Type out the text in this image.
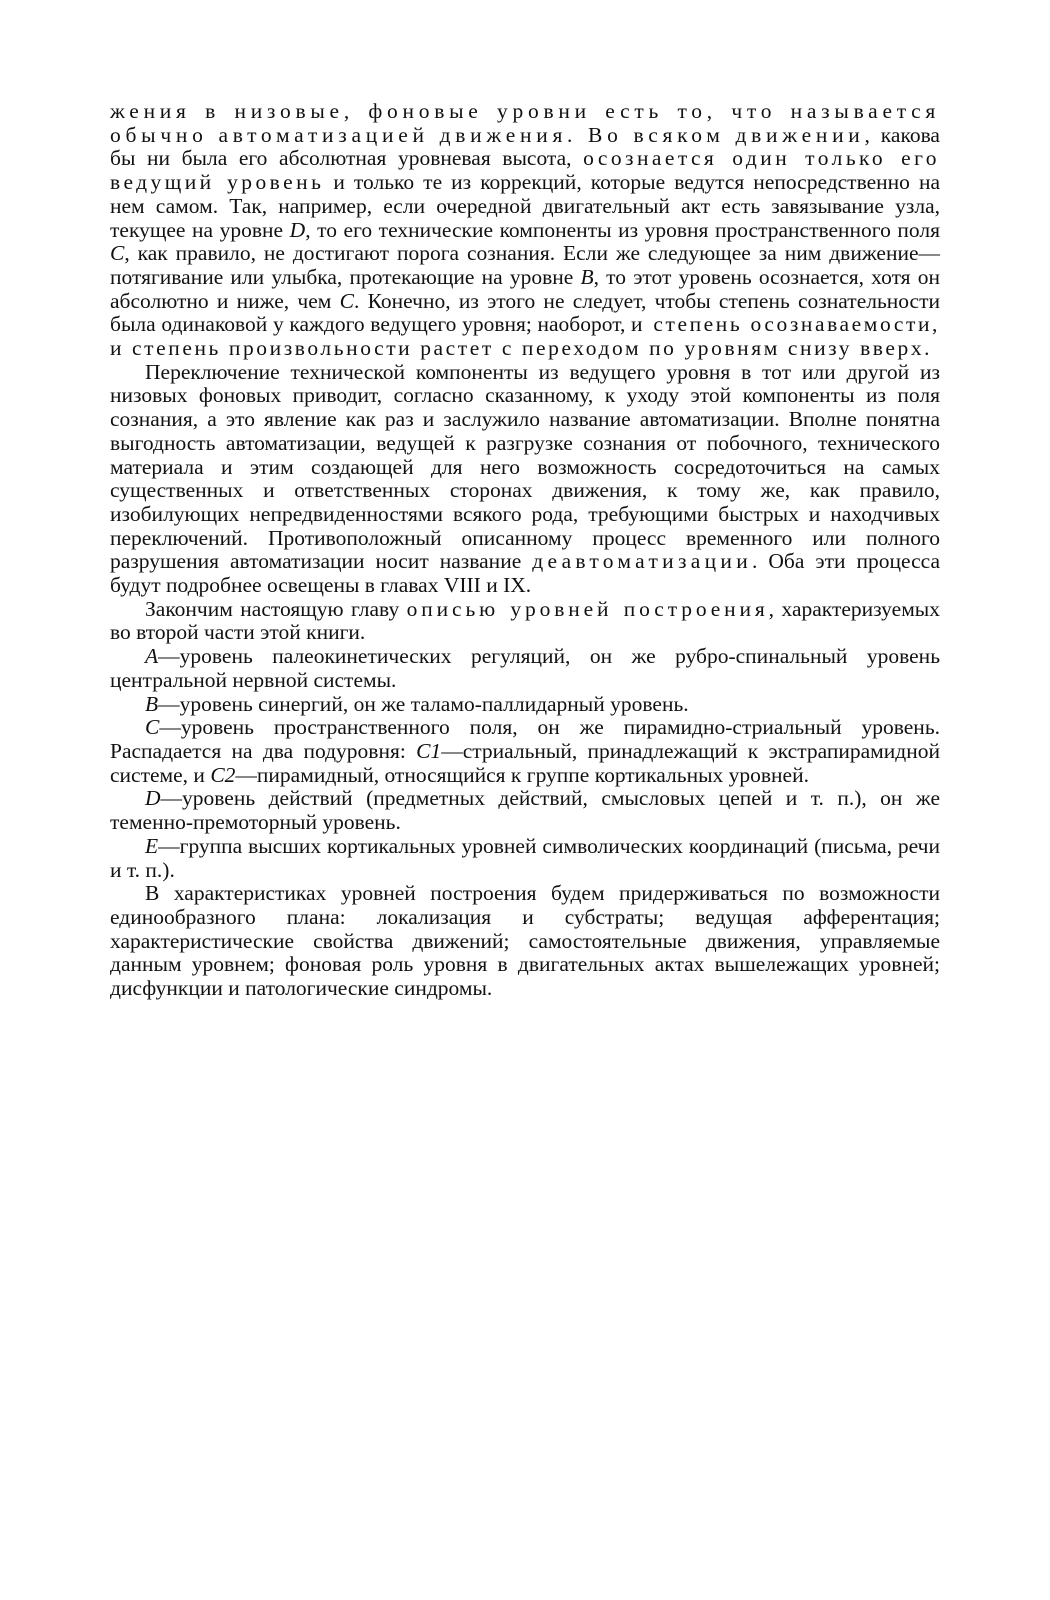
жения в низовые, фоновые уровни есть то, что называется обычно автоматизацией движения. Во всяком движении, какова бы ни была его абсолютная уровневая высота, осознается один только его ведущий уровень и только те из коррекций, которые ведутся непосредственно на нем самом. Так, например, если очередной двигательный акт есть завязывание узла, текущее на уровне D, то его технические компоненты из уровня пространственного поля C, как правило, не достигают порога сознания. Если же следующее за ним движение—потягивание или улыбка, протекающие на уровне B, то этот уровень осознается, хотя он абсолютно и ниже, чем C. Конечно, из этого не следует, чтобы степень сознательности была одинаковой у каждого ведущего уровня; наоборот, и степень осознаваемости, и степень произвольности растет с переходом по уровням снизу вверх.

Переключение технической компоненты из ведущего уровня в тот или другой из низовых фоновых приводит, согласно сказанному, к уходу этой компоненты из поля сознания, а это явление как раз и заслужило название автоматизации. Вполне понятна выгодность автоматизации, ведущей к разгрузке сознания от побочного, технического материала и этим создающей для него возможность сосредоточиться на самых существенных и ответственных сторонах движения, к тому же, как правило, изобилующих непредвиденностями всякого рода, требующими быстрых и находчивых переключений. Противоположный описанному процесс временного или полного разрушения автоматизации носит название деавтоматизации. Оба эти процесса будут подробнее освещены в главах VIII и IX.

Закончим настоящую главу описью уровней построения, характеризуемых во второй части этой книги.

A—уровень палеокинетических регуляций, он же рубро-спинальный уровень центральной нервной системы.

B—уровень синергий, он же таламо-паллидарный уровень.

C—уровень пространственного поля, он же пирамидно-стриальный уровень. Распадается на два подуровня: C1—стриальный, принадлежащий к экстрапирамидной системе, и C2—пирамидный, относящийся к группе кортикальных уровней.

D—уровень действий (предметных действий, смысловых цепей и т. п.), он же теменно-премоторный уровень.

E—группа высших кортикальных уровней символических координаций (письма, речи и т. п.).

В характеристиках уровней построения будем придерживаться по возможности единообразного плана: локализация и субстраты; ведущая афферентация; характеристические свойства движений; самостоятельные движения, управляемые данным уровнем; фоновая роль уровня в двигательных актах вышележащих уровней; дисфункции и патологические синдромы.
